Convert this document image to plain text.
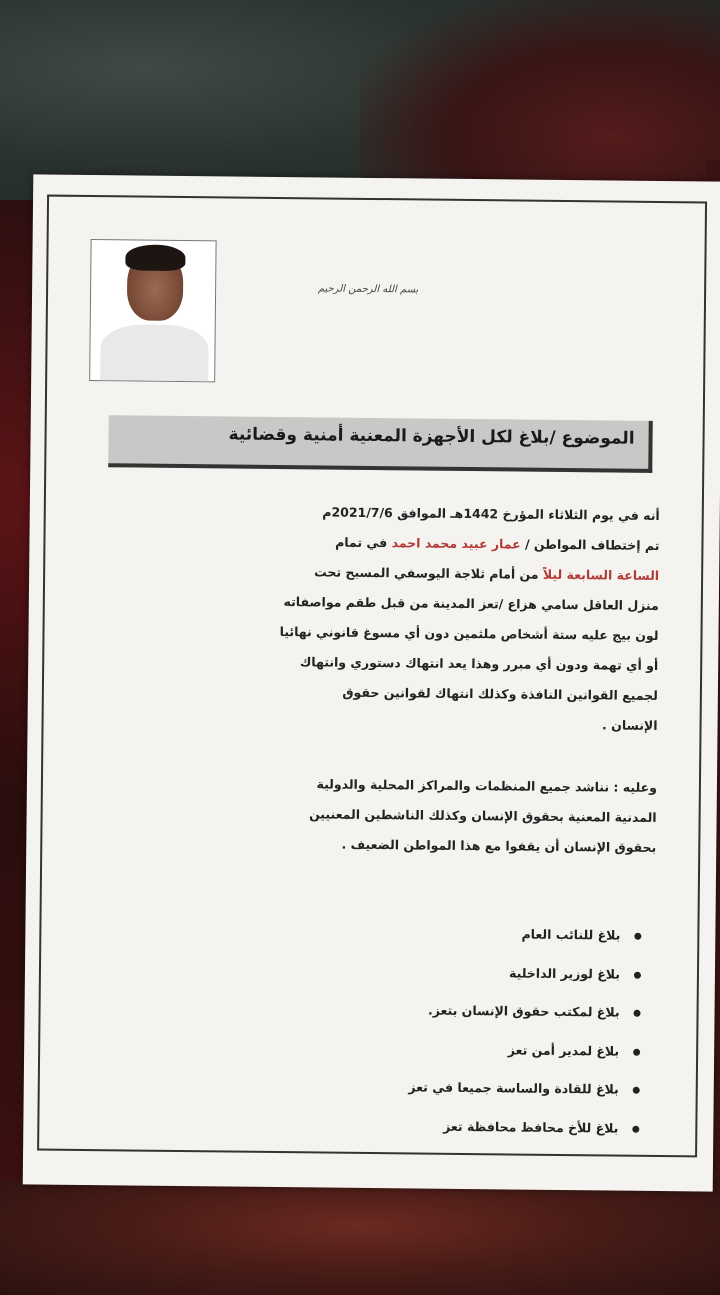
بسم الله الرحمن الرحيم
الموضوع /بلاغ لكل الأجهزة المعنية أمنية وقضائية
أنه في يوم الثلاثاء المؤرخ 1442هـ الموافق 2021/7/6م
تم إختطاف المواطن / عمار عبيد محمد احمد في تمام
الساعة السابعة ليلاً من أمام ثلاجة اليوسفي المسبح تحت
منزل العاقل سامي هزاع /تعز المدينة من قبل طقم مواصفاته
لون بيج عليه ستة أشخاص ملثمين دون أي مسوغ قانوني نهائيا
أو أي تهمة ودون أي مبرر وهذا يعد انتهاك دستوري وانتهاك
لجميع القوانين النافذة وكذلك انتهاك لقوانين حقوق
الإنسان .
وعليه : نناشد جميع المنظمات والمراكز المحلية والدولية
المدنية المعنية بحقوق الإنسان وكذلك الناشطين المعنيين
بحقوق الإنسان أن يقفوا مع هذا المواطن الضعيف .
بلاغ للنائب العام
بلاغ لوزير الداخلية
بلاغ لمكتب حقوق الإنسان بتعز.
بلاغ لمدير أمن تعز
بلاغ للقادة والساسة جميعا في تعز
بلاغ للأخ محافظ محافظة تعز
